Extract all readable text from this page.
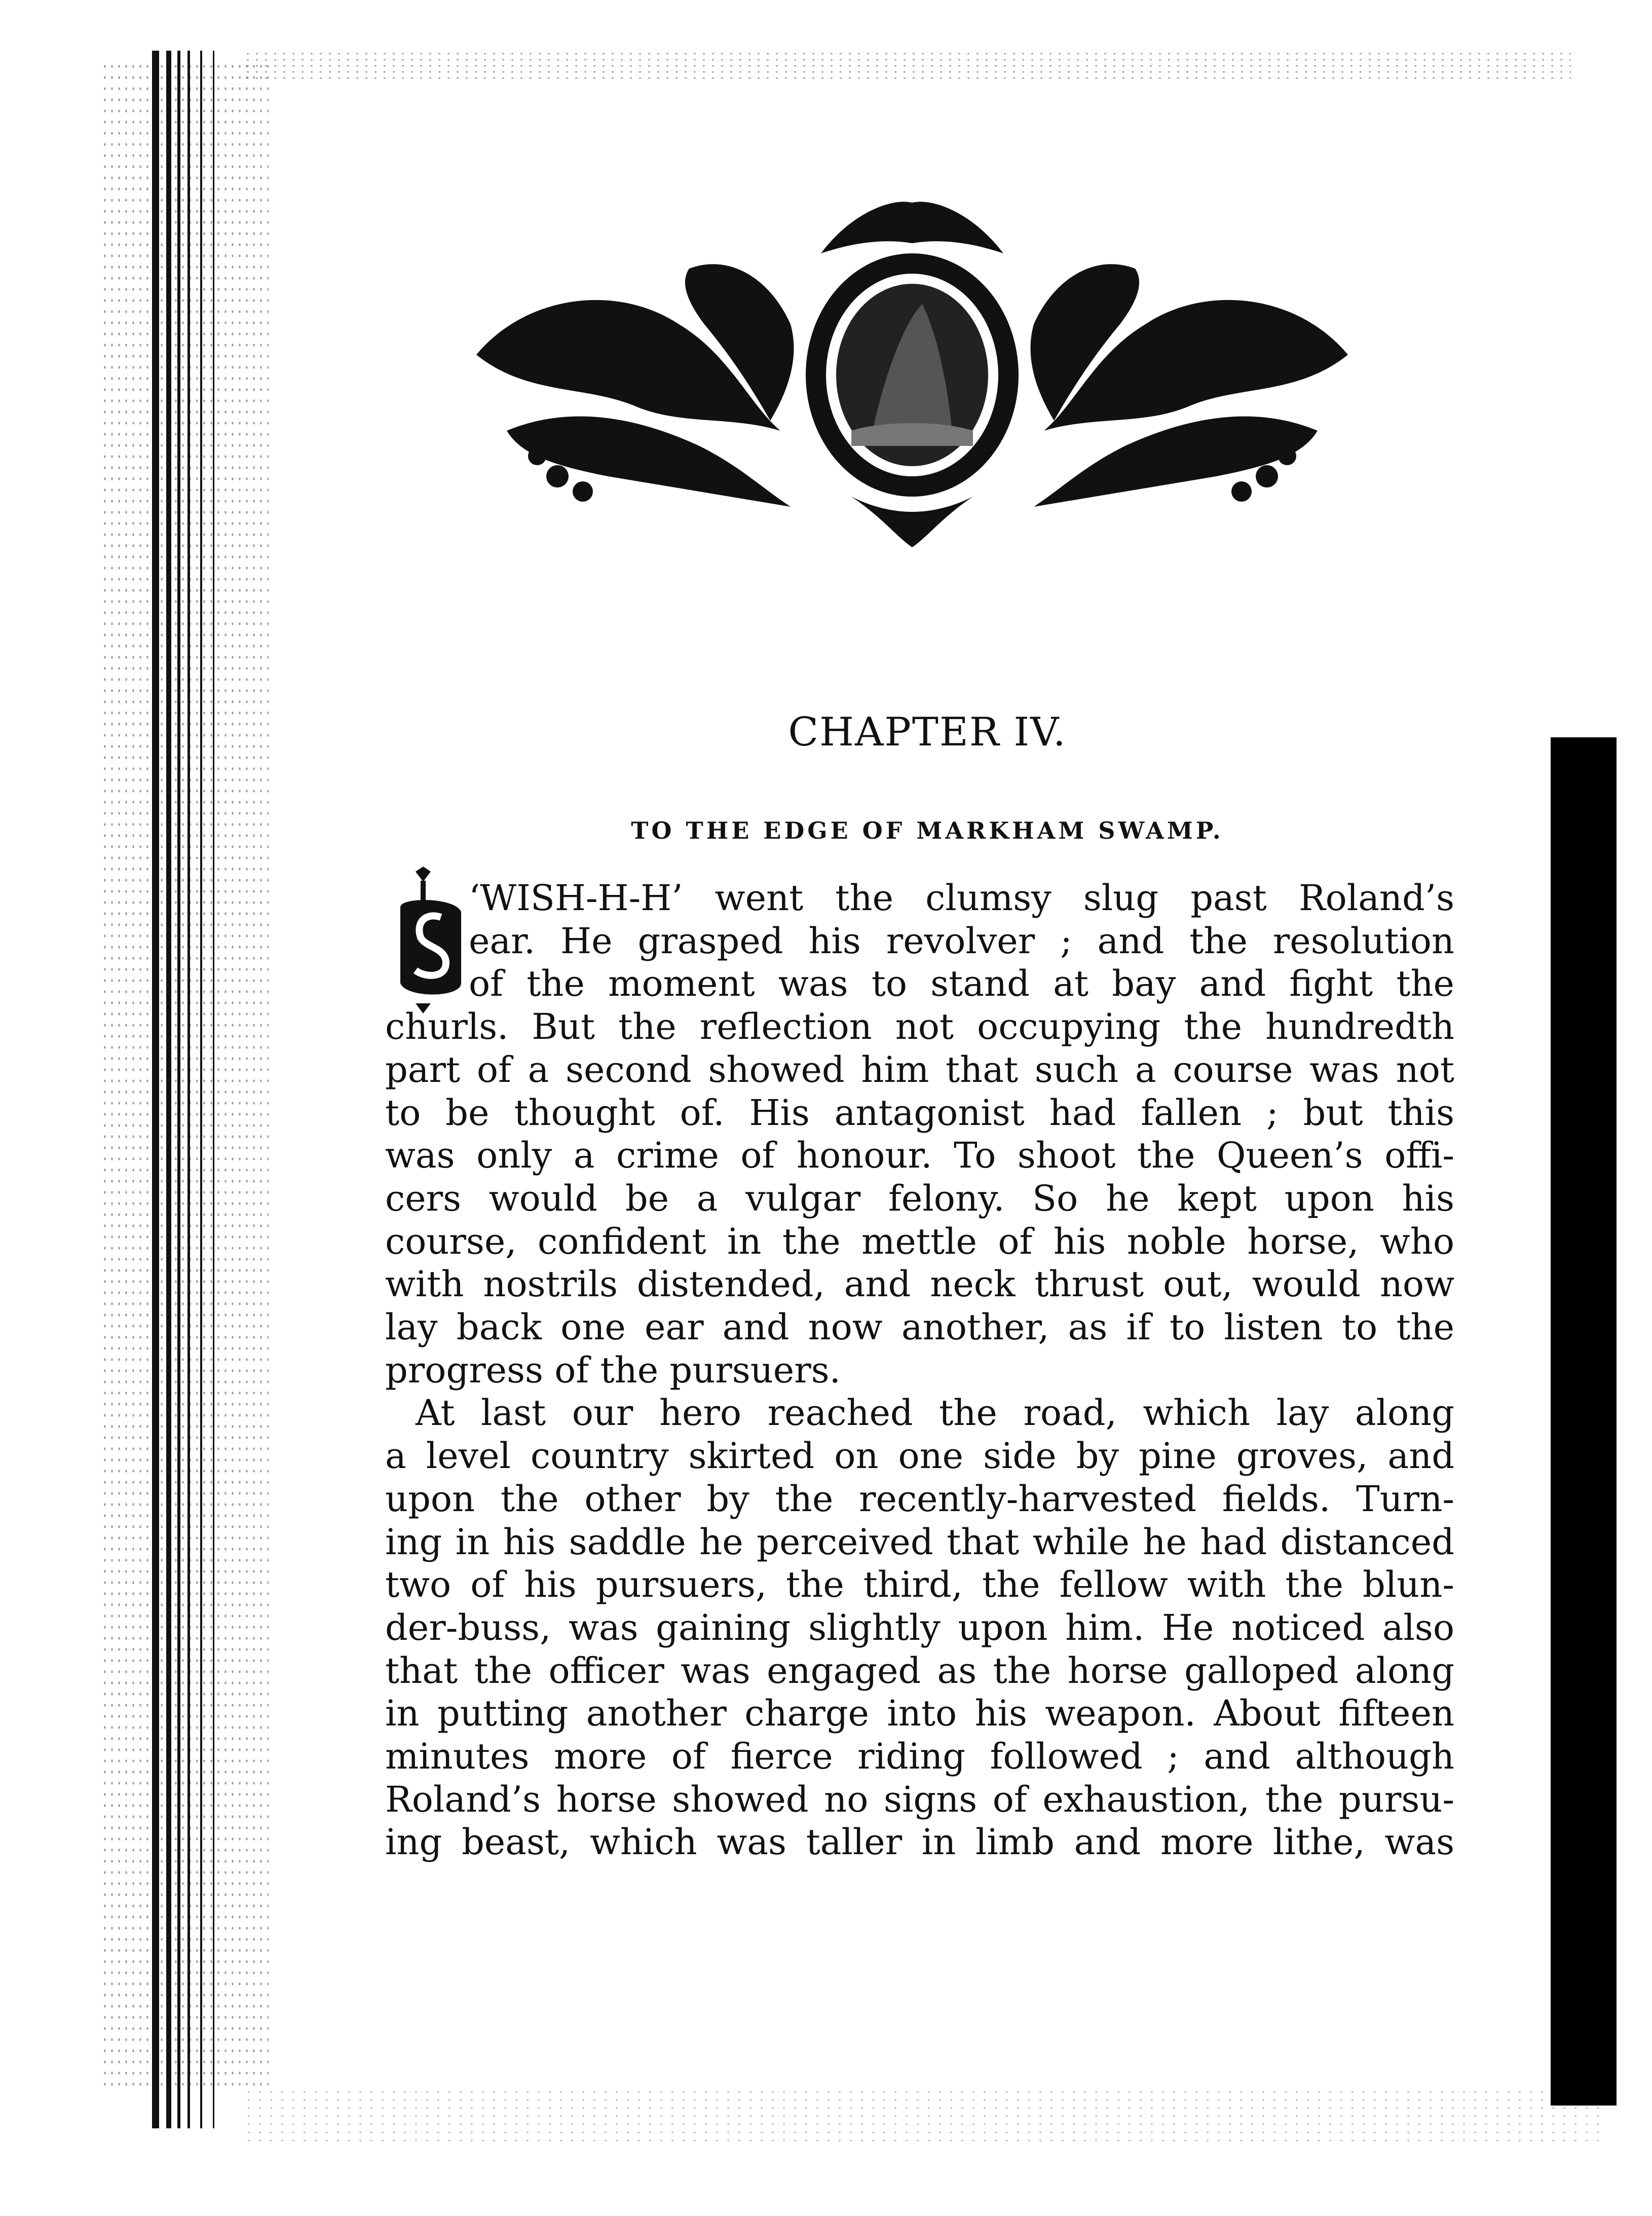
CHAPTER IV.
TO THE EDGE OF MARKHAM SWAMP.
‘WISH-H-H’ went the clumsy slug past Roland’s
ear. He grasped his revolver ; and the resolution
of the moment was to stand at bay and fight the
churls. But the reflection not occupying the hundredth
part of a second showed him that such a course was not
to be thought of. His antagonist had fallen ; but this
was only a crime of honour. To shoot the Queen’s offi-
cers would be a vulgar felony. So he kept upon his
course, confident in the mettle of his noble horse, who
with nostrils distended, and neck thrust out, would now
lay back one ear and now another, as if to listen to the
progress of the pursuers.
At last our hero reached the road, which lay along
a level country skirted on one side by pine groves, and
upon the other by the recently-harvested fields. Turn-
ing in his saddle he perceived that while he had distanced
two of his pursuers, the third, the fellow with the blun-
der-buss, was gaining slightly upon him. He noticed also
that the officer was engaged as the horse galloped along
in putting another charge into his weapon. About fifteen
minutes more of fierce riding followed ; and although
Roland’s horse showed no signs of exhaustion, the pursu-
ing beast, which was taller in limb and more lithe, was
